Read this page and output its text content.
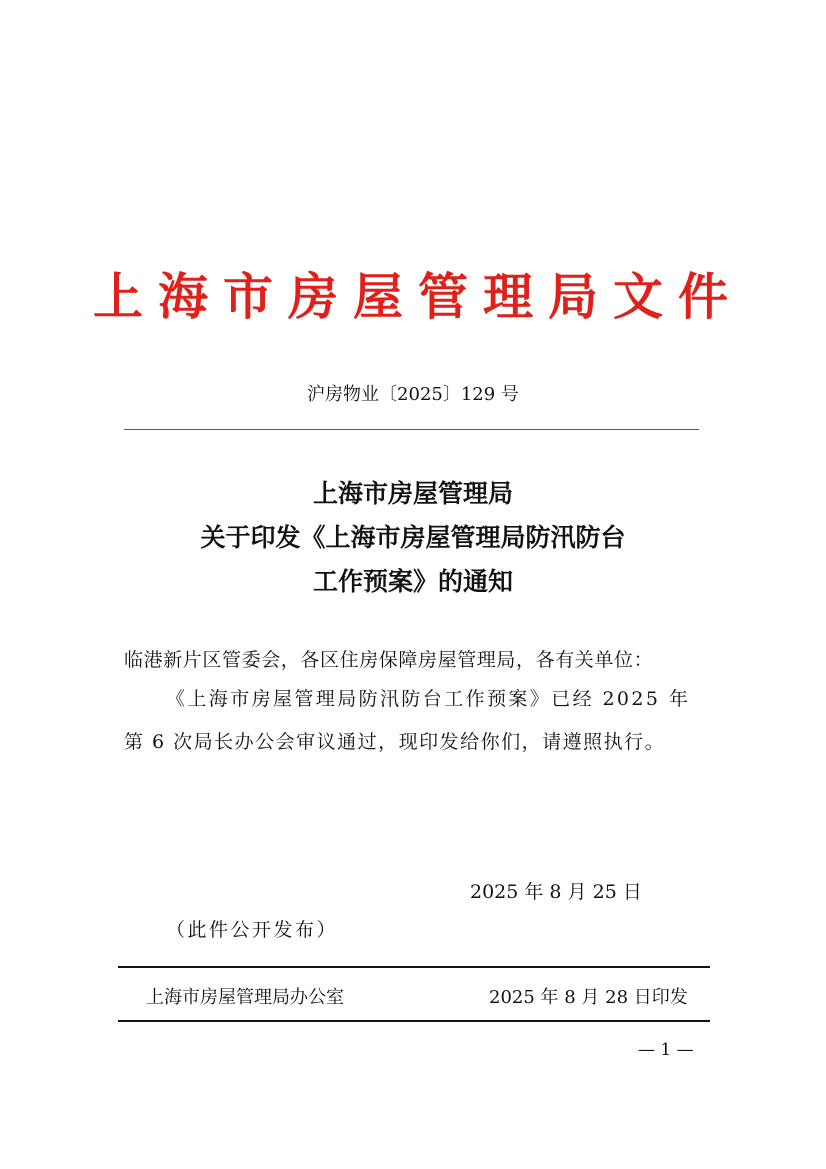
上海市房屋管理局文件
沪房物业〔2025〕129 号
上海市房屋管理局
关于印发《上海市房屋管理局防汛防台
工作预案》的通知
临港新片区管委会，各区住房保障房屋管理局，各有关单位：
《上海市房屋管理局防汛防台工作预案》已经 2025 年
第 6 次局长办公会审议通过，现印发给你们，请遵照执行。
2025 年 8 月 25 日
（此件公开发布）
上海市房屋管理局办公室	2025 年 8 月 28 日印发
— 1 —
